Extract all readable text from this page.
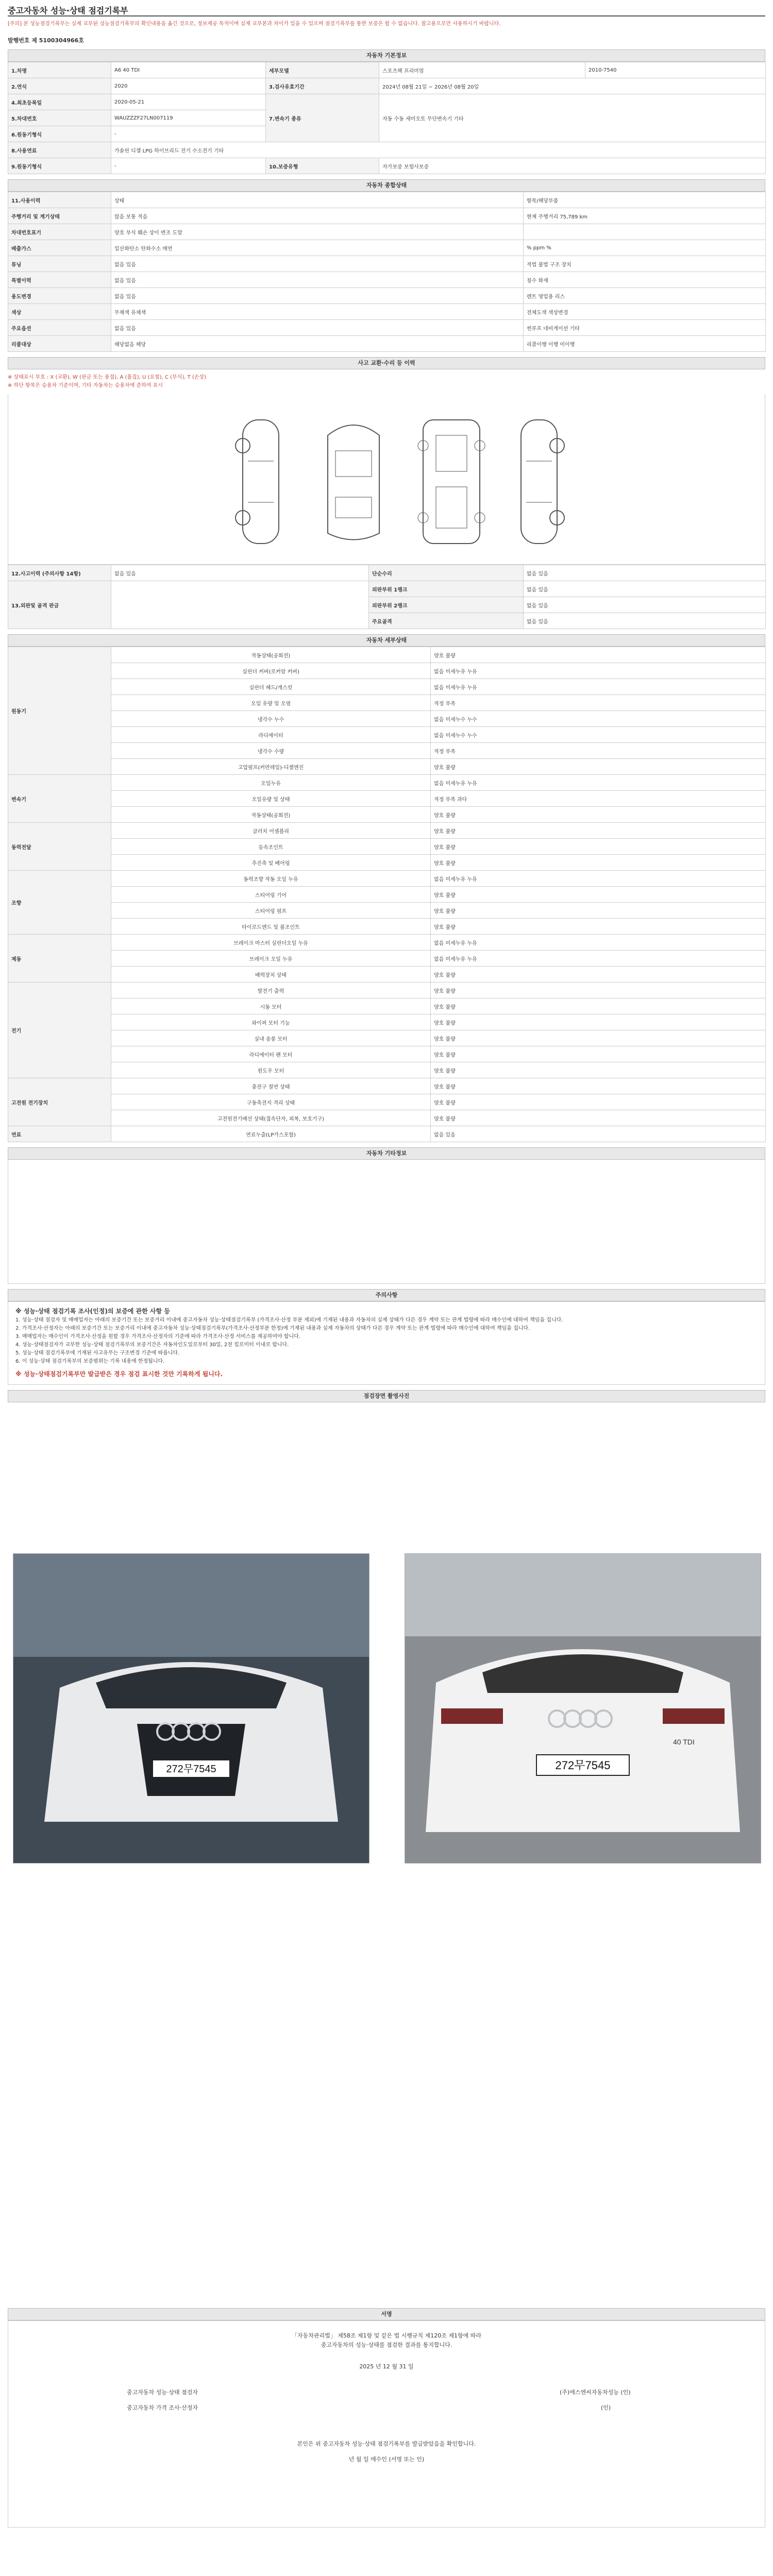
중고자동차 성능·상태 점검기록부
[주의] 본 성능점검기록부는 실제 교부된 성능점검기록부의 확인내용을 옮긴 것으로, 정보제공 목적이며 실제 교부본과 차이가 있을 수 있으며 점검기록부를 통한 보증은 할 수 없습니다. 참고용으로만 사용하시기 바랍니다.
발행번호 제 5100304966호
자동차 기본정보
1.차명	A6 40 TDI	세부모델	스포츠팩 프리미엄	2010-7540
2.연식	2020	3.검사유효기간	2024년 08월 21일 ~ 2026년 08월 20일	
4.최초등록일	2020-05-21	7.변속기 종류	자동 수동 세미오토 무단변속기 기타	
5.차대번호	WAUZZZF27LN007119			
6.원동기형식	-			
8.사용연료	가솔린 디젤 LPG 하이브리드 전기 수소전기 기타			
9.원동기형식	-	10.보증유형	자가보증 보험사보증	
자동차 종합상태
11.사용이력	상태	항목/해당부품
주행거리 및 계기상태	많음 보통 적음	현재 주행거리 75,789 km
차대번호표기	양호 부식 훼손 상이 변조 도말	
배출가스	일산화탄소 탄화수소 매연	% ppm %
튜닝	없음 있음	적법 불법 구조 장치
특별이력	없음 있음	침수 화재
용도변경	없음 있음	렌트 영업용 리스
색상	무채색 유채색	전체도색 색상변경
주요옵션	없음 있음	썬루프 네비게이션 기타
리콜대상	해당없음 해당	리콜이행 이행 미이행
사고 교환·수리 등 이력
※ 상태표시 부호 : X (교환), W (판금 또는 용접), A (흠집), U (요철), C (부식), T (손상)
※ 하단 항목은 승용차 기준이며, 기타 자동차는 승용차에 준하여 표시
12.사고이력 (주의사항 14항)	없음 있음	단순수리	없음 있음
13.외판및 골격 판금		외판부위 1랭크	없음 있음
		외판부위 2랭크	없음 있음
		주요골격	없음 있음
자동차 세부상태
원동기	작동상태(공회전)	양호 불량
	실린더 커버(로커암 커버)	없음 미세누유 누유
	실린더 헤드/개스킷	없음 미세누유 누유
	오일 유량 및 오염	적정 부족
	냉각수 누수	없음 미세누수 누수
	라디에이터	없음 미세누수 누수
	냉각수 수량	적정 부족
	고압펌프(커먼레일)-디젤엔진	양호 불량
변속기	오일누유	없음 미세누유 누유
	오일유량 및 상태	적정 부족 과다
	작동상태(공회전)	양호 불량
동력전달	클러치 어셈블리	양호 불량
	등속조인트	양호 불량
	추진축 및 베어링	양호 불량
조향	동력조향 작동 오일 누유	없음 미세누유 누유
	스티어링 기어	양호 불량
	스티어링 펌프	양호 불량
	타이로드엔드 및 볼조인트	양호 불량
제동	브레이크 마스터 실린더오일 누유	없음 미세누유 누유
	브레이크 오일 누유	없음 미세누유 누유
	배력장치 상태	양호 불량
전기	발전기 출력	양호 불량
	시동 모터	양호 불량
	와이퍼 모터 기능	양호 불량
	실내 송풍 모터	양호 불량
	라디에이터 팬 모터	양호 불량
	윈도우 모터	양호 불량
고전원 전기장치	충전구 절연 상태	양호 불량
	구동축전지 격리 상태	양호 불량
	고전원전기배선 상태(접속단자, 피복, 보호기구)	양호 불량
연료	연료누출(LP가스포함)	없음 있음
자동차 기타정보
주의사항
※ 성능·상태 점검기록 조사(인정)의 보증에 관한 사항 등
1. 성능·상태 점검자 및 매매업자는 아래의 보증기간 또는 보증거리 이내에 중고자동차 성능·상태점검기록부 (가격조사·산정 부분 제외)에 기재된 내용과 자동차의 실제 상태가 다른 경우 계약 또는 관계 법령에 따라 매수인에 대하여 책임을 집니다.
2. 가격조사·산정자는 아래의 보증기간 또는 보증거리 이내에 중고자동차 성능·상태점검기록부(가격조사·산정부분 한정)에 기재된 내용과 실제 자동차의 상태가 다른 경우 계약 또는 관계 법령에 따라 매수인에 대하여 책임을 집니다.
3. 매매업자는 매수인이 가격조사·산정을 원할 경우 가격조사·산정자의 기준에 따라 가격조사·산정 서비스를 제공하여야 합니다.
4. 성능·상태점검자가 교부한 성능·상태 점검기록부의 보증기간은 자동차인도일로부터 30일, 2천 킬로미터 이내로 합니다.
5. 성능·상태 점검기록부에 기재된 사고유무는 구조변경 기준에 따릅니다.
6. 이 성능·상태 점검기록부의 보증범위는 기록 내용에 한정됩니다.
※ 성능·상태점검기록부만 발급받은 경우 점검 표시한 것만 기록하게 됩니다.
점검장면 촬영사진
서명
「자동차관리법」 제58조 제1항 및 같은 법 시행규칙 제120조 제1항에 따라
중고자동차의 성능·상태를 점검한 결과를 통지합니다.
2025 년 12 월 31 일
중고자동차 성능·상태 점검자	(주)에스엔씨자동차성능 (인)
중고자동차 가격 조사·산정자	(인)
본인은 위 중고자동차 성능·상태 점검기록부를 발급받았음을 확인합니다.
년 월 일 매수인 (서명 또는 인)
272무7545
40 TDI
272무7545
